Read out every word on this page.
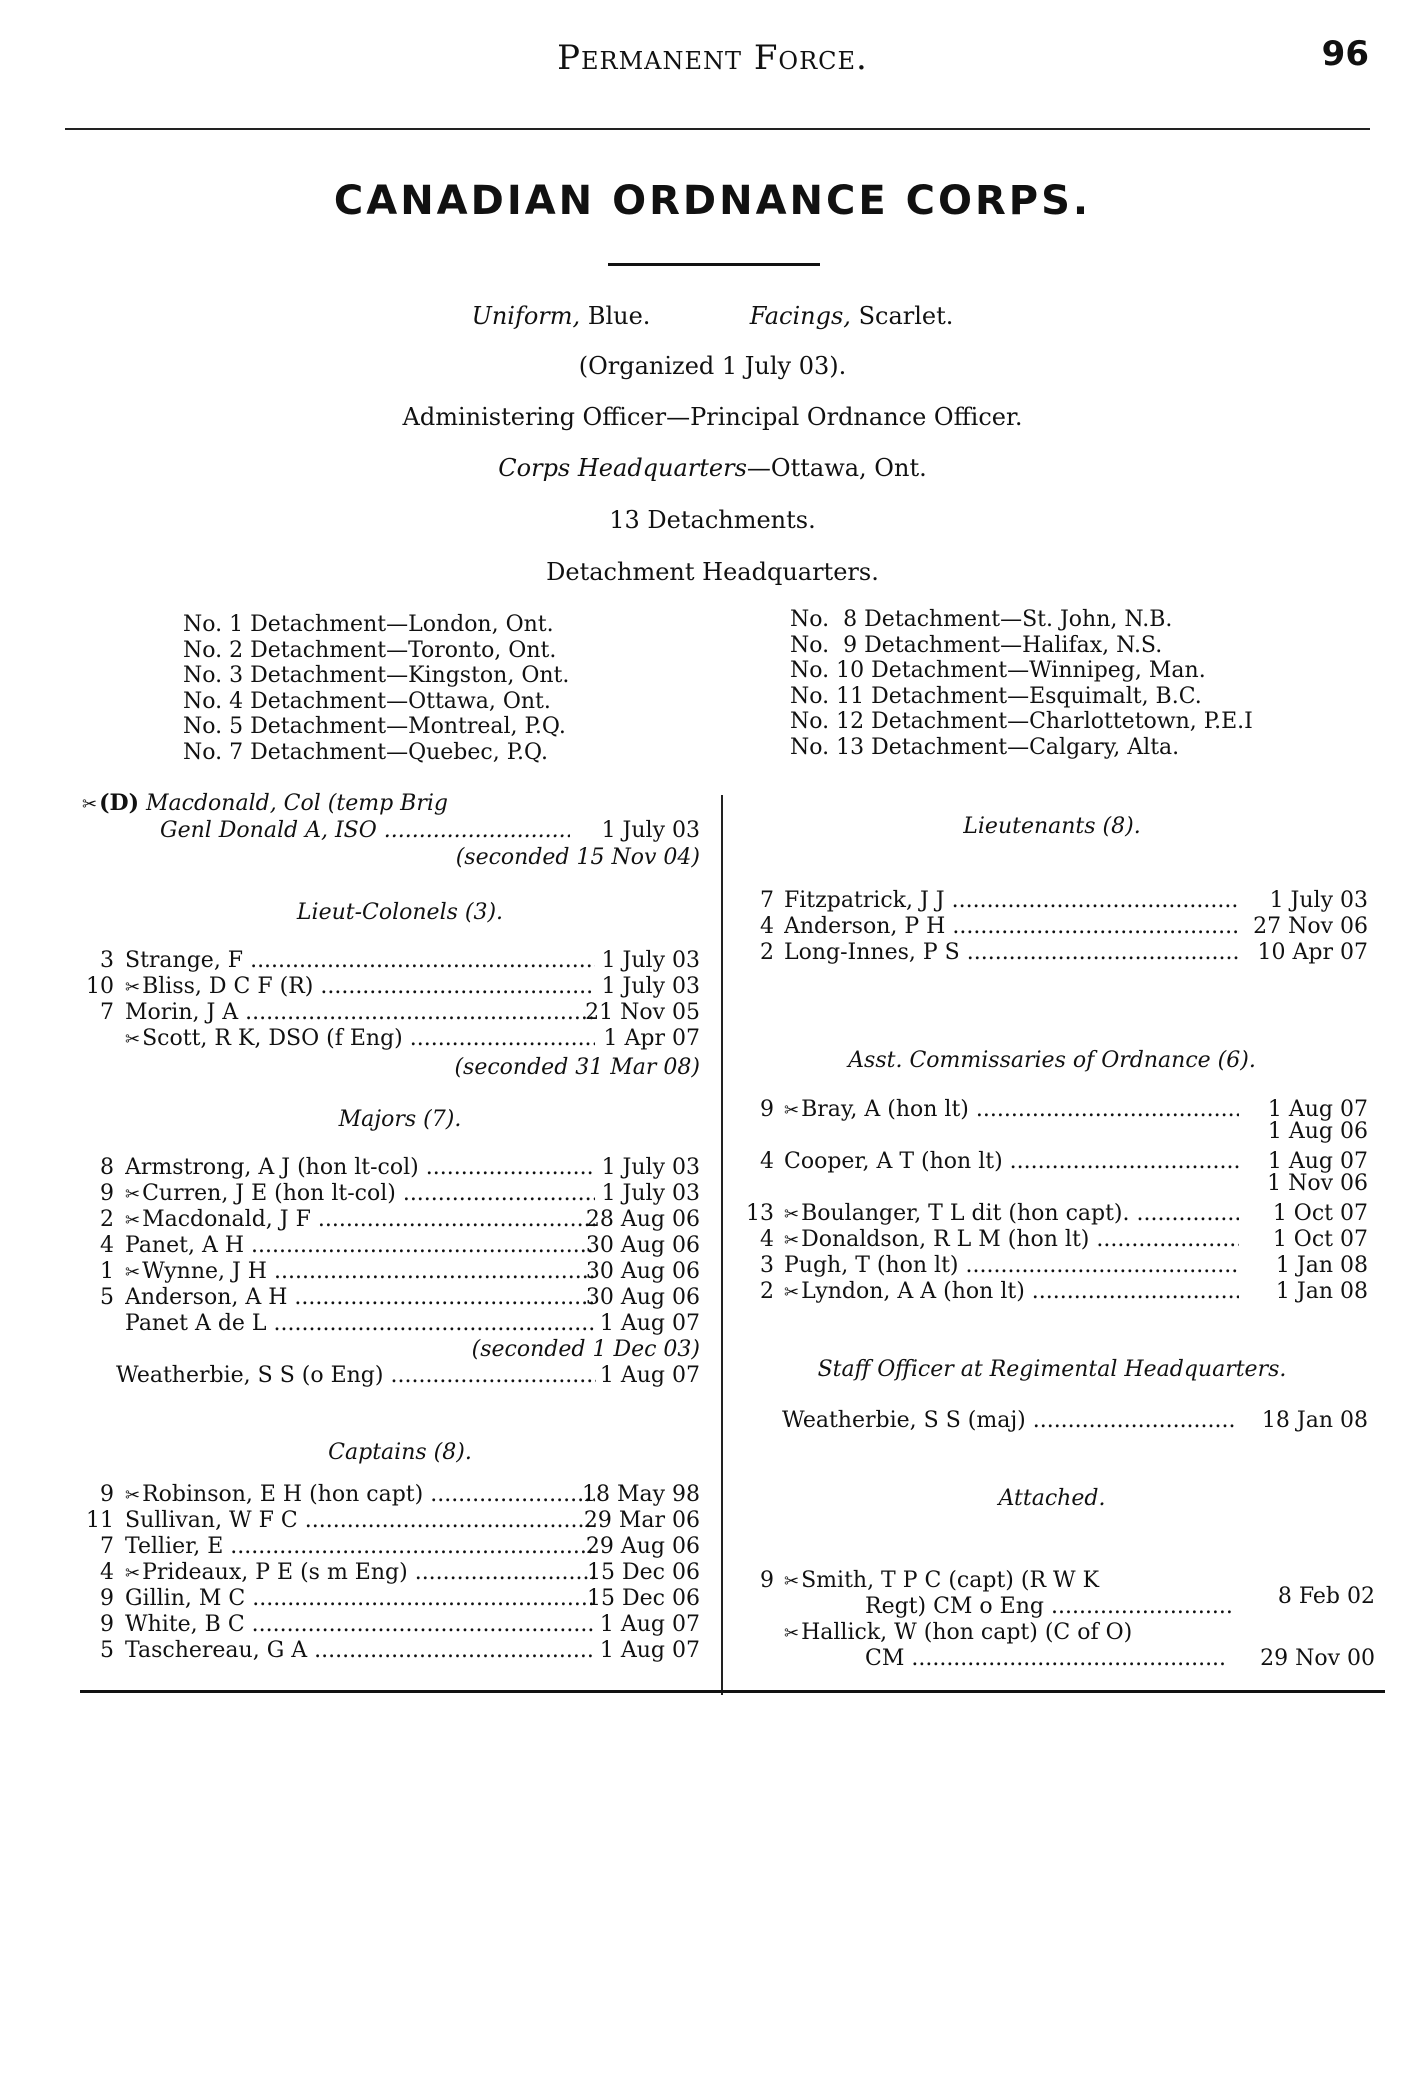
Permanent Force.	96
CANADIAN ORDNANCE CORPS.
Uniform, Blue.	Facings, Scarlet.
(Organized 1 July 03).
Administering Officer—Principal Ordnance Officer.
Corps Headquarters—Ottawa, Ont.
13 Detachments.
Detachment Headquarters.
No. 1 Detachment—London, Ont.
No. 2 Detachment—Toronto, Ont.
No. 3 Detachment—Kingston, Ont.
No. 4 Detachment—Ottawa, Ont.
No. 5 Detachment—Montreal, P.Q.
No. 7 Detachment—Quebec, P.Q.
No.  8 Detachment—St. John, N.B.
No.  9 Detachment—Halifax, N.S.
No. 10 Detachment—Winnipeg, Man.
No. 11 Detachment—Esquimalt, B.C.
No. 12 Detachment—Charlottetown, P.E.I
No. 13 Detachment—Calgary, Alta.
✂(D) Macdonald, Col (temp Brig
Genl Donald A, ISO .....	1 July 03
(seconded 15 Nov 04)
Lieut-Colonels (3).
3 Strange, F .....	1 July 03
10 ✂Bliss, D C F (R) .....	1 July 03
7 Morin, J A .....	21 Nov 05
✂Scott, R K, DSO (f Eng) .....	1 Apr 07
(seconded 31 Mar 08)
Majors (7).
8 Armstrong, A J (hon lt-col) .....	1 July 03
9 ✂Curren, J E (hon lt-col) .....	1 July 03
2 ✂Macdonald, J F .....	28 Aug 06
4 Panet, A H .....	30 Aug 06
1 ✂Wynne, J H .....	30 Aug 06
5 Anderson, A H .....	30 Aug 06
Panet A de L .....	1 Aug 07
(seconded 1 Dec 03)
Weatherbie, S S (o Eng) .....	1 Aug 07
Captains (8).
9 ✂Robinson, E H (hon capt) .....	18 May 98
11 Sullivan, W F C .....	29 Mar 06
7 Tellier, E .....	29 Aug 06
4 ✂Prideaux, P E (s m Eng) .....	15 Dec 06
9 Gillin, M C .....	15 Dec 06
9 White, B C .....	1 Aug 07
5 Taschereau, G A .....	1 Aug 07
Lieutenants (8).
7 Fitzpatrick, J J .....	1 July 03
4 Anderson, P H .....	27 Nov 06
2 Long-Innes, P S .....	10 Apr 07
Asst. Commissaries of Ordnance (6).
9 ✂Bray, A (hon lt) .....	1 Aug 07
1 Aug 06
4 Cooper, A T (hon lt) .....	1 Aug 07
1 Nov 06
13 ✂Boulanger, T L dit (hon capt). .....	1 Oct 07
4 ✂Donaldson, R L M (hon lt) .....	1 Oct 07
3 Pugh, T (hon lt) .....	1 Jan 08
2 ✂Lyndon, A A (hon lt) .....	1 Jan 08
Staff Officer at Regimental Headquarters.
Weatherbie, S S (maj) .....	18 Jan 08
Attached.
9 ✂Smith, T P C (capt) (R W K
Regt) CM o Eng .....	8 Feb 02
✂Hallick, W (hon capt) (C of O)
CM .....	29 Nov 00
